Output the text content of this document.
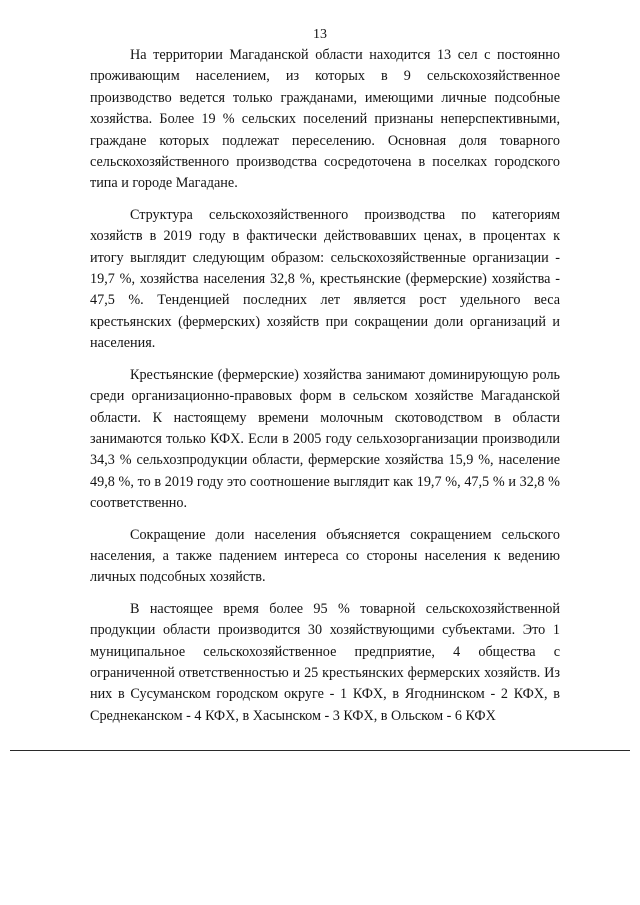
13

На территории Магаданской области находится 13 сел с постоянно проживающим населением, из которых в 9 сельскохозяйственное производство ведется только гражданами, имеющими личные подсобные хозяйства. Более 19 % сельских поселений признаны неперспективными, граждане которых подлежат переселению. Основная доля товарного сельскохозяйственного производства сосредоточена в поселках городского типа и городе Магадане.

Структура сельскохозяйственного производства по категориям хозяйств в 2019 году в фактически действовавших ценах, в процентах к итогу выглядит следующим образом: сельскохозяйственные организации - 19,7 %, хозяйства населения 32,8 %, крестьянские (фермерские) хозяйства - 47,5 %. Тенденцией последних лет является рост удельного веса крестьянских (фермерских) хозяйств при сокращении доли организаций и населения.

Крестьянские (фермерские) хозяйства занимают доминирующую роль среди организационно-правовых форм в сельском хозяйстве Магаданской области. К настоящему времени молочным скотоводством в области занимаются только КФХ. Если в 2005 году сельхозорганизации производили 34,3 % сельхозпродукции области, фермерские хозяйства 15,9 %, население 49,8 %, то в 2019 году это соотношение выглядит как 19,7 %, 47,5 % и 32,8 % соответственно.

Сокращение доли населения объясняется сокращением сельского населения, а также падением интереса со стороны населения к ведению личных подсобных хозяйств.

В настоящее время более 95 % товарной сельскохозяйственной продукции области производится 30 хозяйствующими субъектами. Это 1 муниципальное сельскохозяйственное предприятие, 4 общества с ограниченной ответственностью и 25 крестьянских фермерских хозяйств. Из них в Сусуманском городском округе - 1 КФХ, в Ягоднинском - 2 КФХ, в Среднеканском - 4 КФХ, в Хасынском - 3 КФХ, в Ольском - 6 КФХ
